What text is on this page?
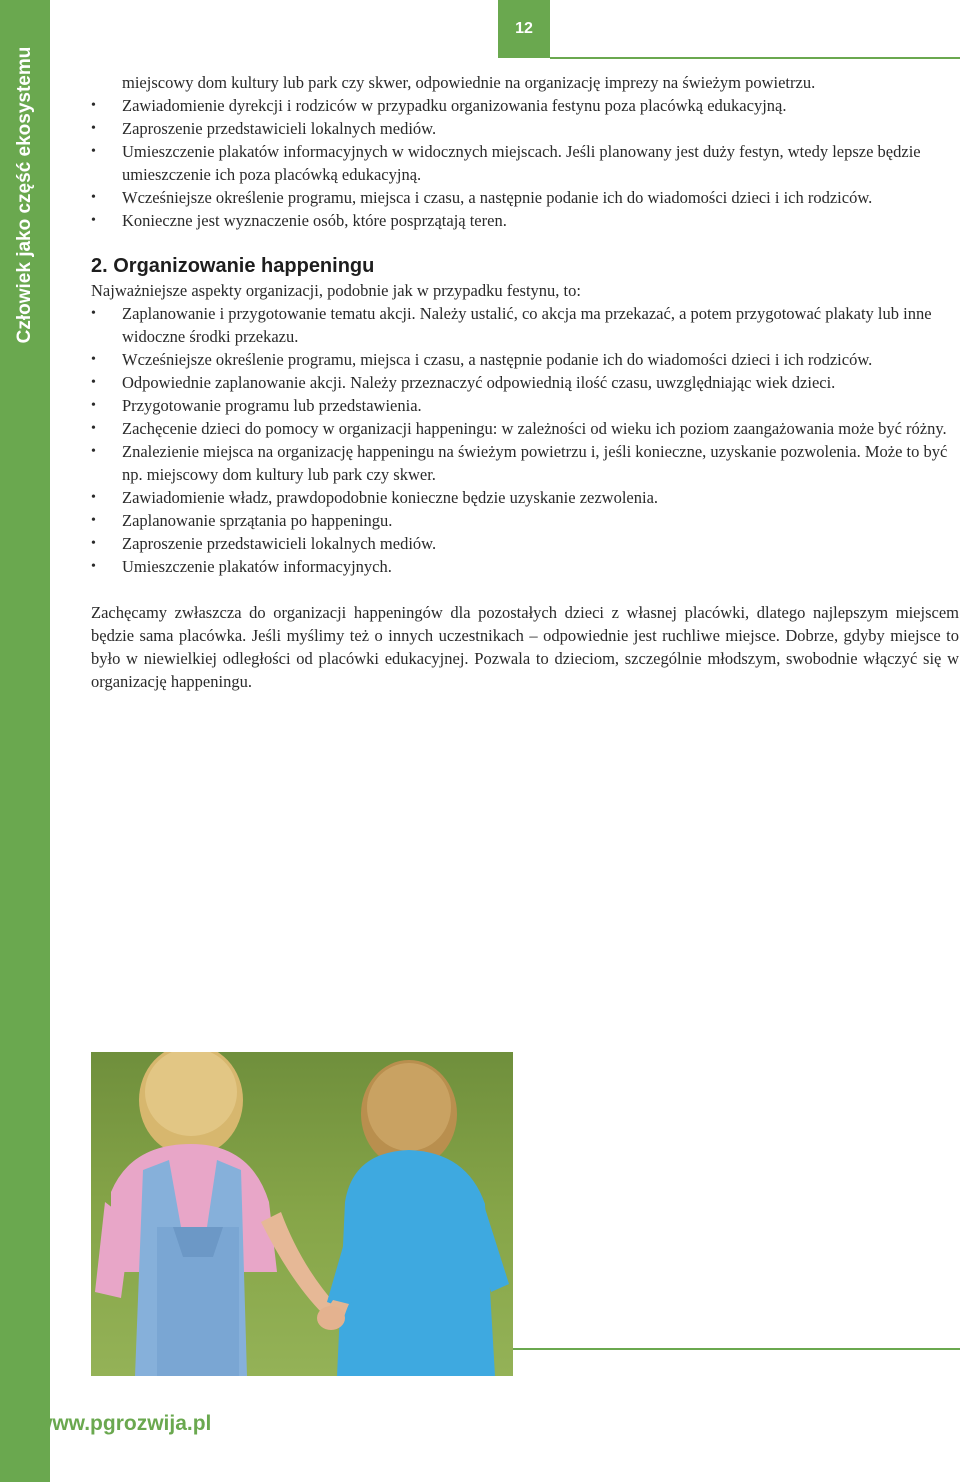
Człowiek jako część ekosystemu
12
miejscowy dom kultury lub park czy skwer, odpowiednie na organizację imprezy na świeżym powietrzu.
•	Zawiadomienie dyrekcji i rodziców w przypadku organizowania festynu poza placówką edukacyjną.
•	Zaproszenie przedstawicieli lokalnych mediów.
•	Umieszczenie plakatów informacyjnych w widocznych miejscach. Jeśli planowany jest duży festyn, wtedy lepsze będzie umieszczenie ich poza placówką edukacyjną.
•	Wcześniejsze określenie programu, miejsca i czasu, a następnie podanie ich do wiadomości dzieci i ich rodziców.
•	Konieczne jest wyznaczenie osób, które posprzątają teren.
2. Organizowanie happeningu

Najważniejsze aspekty organizacji, podobnie jak w przypadku festynu, to:

•	Zaplanowanie i przygotowanie tematu akcji. Należy ustalić, co akcja ma przekazać, a potem przygotować plakaty lub inne widoczne środki przekazu.
•	Wcześniejsze określenie programu, miejsca i czasu, a następnie podanie ich do wiadomości dzieci i ich rodziców.
•	Odpowiednie zaplanowanie akcji. Należy przeznaczyć odpowiednią ilość czasu, uwzględniając wiek dzieci.
•	Przygotowanie programu lub przedstawienia.
•	Zachęcenie dzieci do pomocy w organizacji happeningu: w zależności od wieku ich poziom zaangażowania może być różny.
•	Znalezienie miejsca na organizację happeningu na świeżym powietrzu i, jeśli konieczne, uzyskanie pozwolenia. Może to być np. miejscowy dom kultury lub park czy skwer.
•	Zawiadomienie władz, prawdopodobnie konieczne będzie uzyskanie zezwolenia.
•	Zaplanowanie sprzątania po happeningu.
•	Zaproszenie przedstawicieli lokalnych mediów.
•	Umieszczenie plakatów informacyjnych.

Zachęcamy zwłaszcza do organizacji happeningów dla pozostałych dzieci z własnej placówki, dlatego najlepszym miejscem będzie sama placówka. Jeśli myślimy też o innych uczestnikach – odpowiednie jest ruchliwe miejsce. Dobrze, gdyby miejsce to było w niewielkiej odległości od placówki edukacyjnej. Pozwala to dzieciom, szczególnie młodszym, swobodnie włączyć się w organizację happeningu.

www.pgrozwija.pl
